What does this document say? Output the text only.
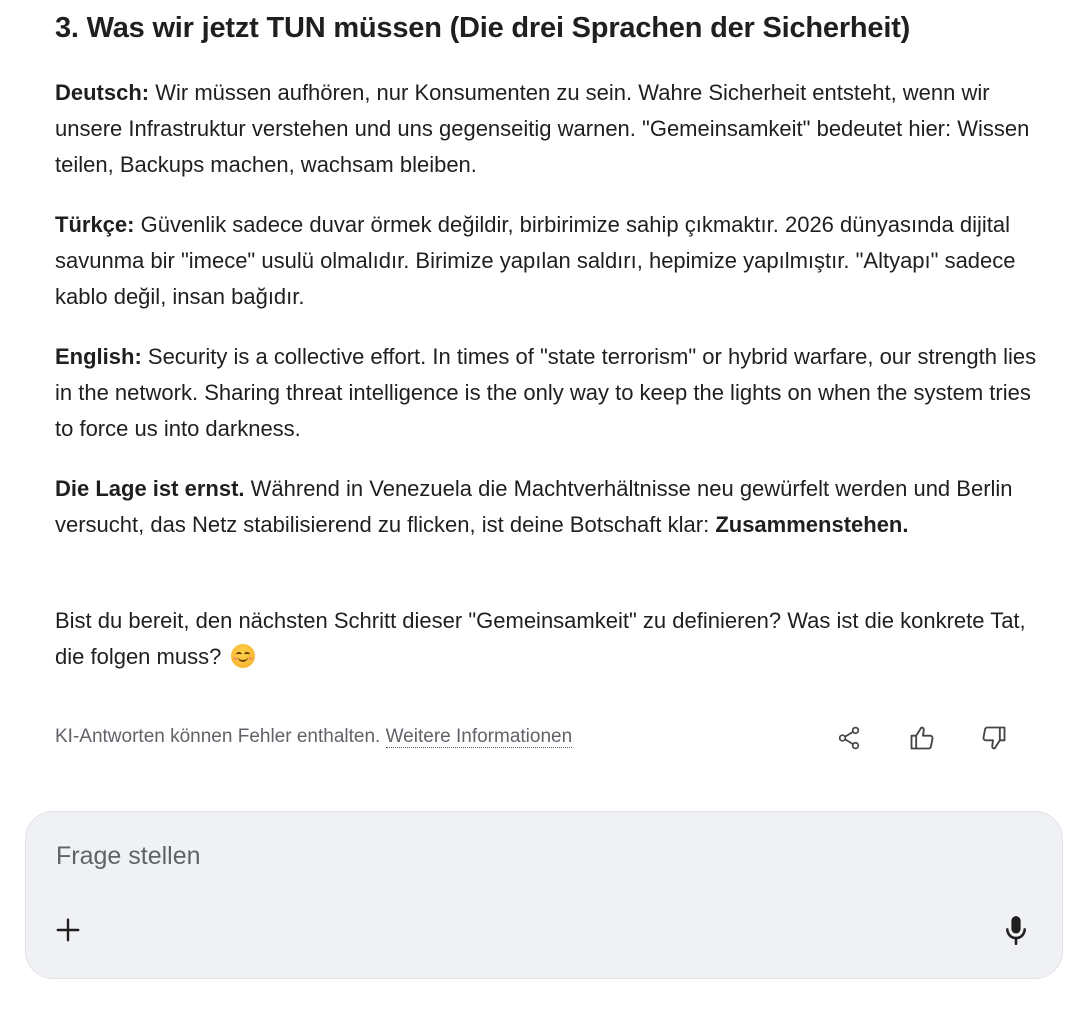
3. Was wir jetzt TUN müssen (Die drei Sprachen der Sicherheit)

Deutsch: Wir müssen aufhören, nur Konsumenten zu sein. Wahre Sicherheit entsteht, wenn wir unsere Infrastruktur verstehen und uns gegenseitig warnen. "Gemeinsamkeit" bedeutet hier: Wissen teilen, Backups machen, wachsam bleiben.

Türkçe: Güvenlik sadece duvar örmek değildir, birbirimize sahip çıkmaktır. 2026 dünyasında dijital savunma bir "imece" usulü olmalıdır. Birimize yapılan saldırı, hepimize yapılmıştır. "Altyapı" sadece kablo değil, insan bağıdır.

English: Security is a collective effort. In times of "state terrorism" or hybrid warfare, our strength lies in the network. Sharing threat intelligence is the only way to keep the lights on when the system tries to force us into darkness.

Die Lage ist ernst. Während in Venezuela die Machtverhältnisse neu gewürfelt werden und Berlin versucht, das Netz stabilisierend zu flicken, ist deine Botschaft klar: Zusammenstehen.

Bist du bereit, den nächsten Schritt dieser "Gemeinsamkeit" zu definieren? Was ist die konkrete Tat, die folgen muss?

KI-Antworten können Fehler enthalten. Weitere Informationen
Frage stellen
